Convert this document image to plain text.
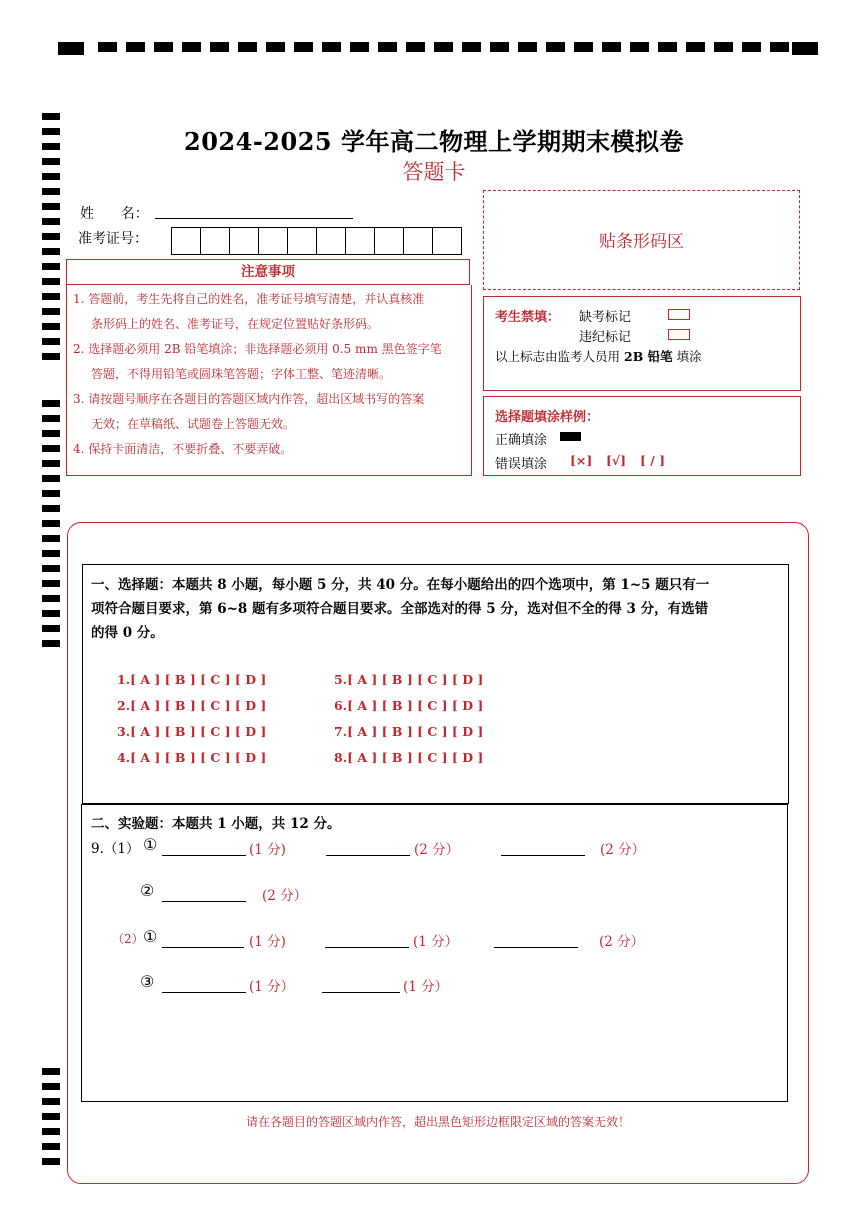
2024-2025 学年高二物理上学期期末模拟卷
答题卡
姓      名：
准考证号：	贴条形码区
注意事项
1. 答题前，考生先将自己的姓名，准考证号填写清楚，并认真核准
条形码上的姓名、准考证号，在规定位置贴好条形码。
2. 选择题必须用 2B 铅笔填涂；非选择题必须用 0.5 mm 黑色签字笔
答题，不得用铅笔或圆珠笔答题；字体工整、笔迹清晰。
3. 请按题号顺序在各题目的答题区域内作答，超出区域书写的答案
无效；在草稿纸、试题卷上答题无效。
4. 保持卡面清洁，不要折叠、不要弄破。
考生禁填： 缺考标记
违纪标记
以上标志由监考人员用 2B 铅笔 填涂
选择题填涂样例：
正确填涂
错误填涂 [×] [√] [ / ]
一、选择题：本题共 8 小题，每小题 5 分，共 40 分。在每小题给出的四个选项中，第 1~5 题只有一
项符合题目要求，第 6~8 题有多项符合题目要求。全部选对的得 5 分，选对但不全的得 3 分，有选错
的得 0 分。
1.[ A ] [ B ] [ C ] [ D ]
2.[ A ] [ B ] [ C ] [ D ]
3.[ A ] [ B ] [ C ] [ D ]
4.[ A ] [ B ] [ C ] [ D ]
5.[ A ] [ B ] [ C ] [ D ]
6.[ A ] [ B ] [ C ] [ D ]
7.[ A ] [ B ] [ C ] [ D ]
8.[ A ] [ B ] [ C ] [ D ]
二、实验题：本题共 1 小题，共 12 分。
9.（1） ①	(1 分)	(2 分）	(2 分）
②	(2 分）
（2） ①	(1 分)	(1 分）	(2 分）
③	(1 分）	(1 分）
请在各题目的答题区域内作答，超出黑色矩形边框限定区域的答案无效！
